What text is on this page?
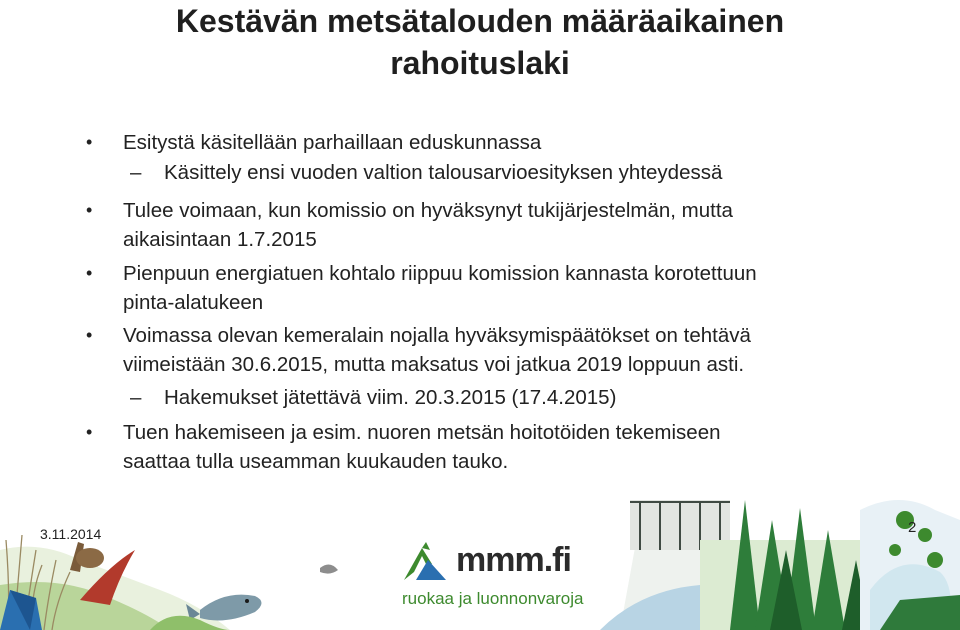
Kestävän metsätalouden määräaikainen
rahoituslaki
• Esitystä käsitellään parhaillaan eduskunnassa
– Käsittely ensi vuoden valtion talousarvioesityksen yhteydessä
• Tulee voimaan, kun komissio on hyväksynyt tukijärjestelmän, mutta
aikaisintaan 1.7.2015
• Pienpuun energiatuen kohtalo riippuu komission kannasta korotettuun
pinta-alatukeen
• Voimassa olevan kemeralain nojalla hyväksymispäätökset on tehtävä
viimeistään 30.6.2015, mutta maksatus voi jatkua 2019 loppuun asti.
– Hakemukset jätettävä viim. 20.3.2015 (17.4.2015)
• Tuen hakemiseen ja esim. nuoren metsän hoitotöiden tekemiseen
saattaa tulla useamman kuukauden tauko.
3.11.2014	2
mmm.fi
ruokaa ja luonnonvaroja
